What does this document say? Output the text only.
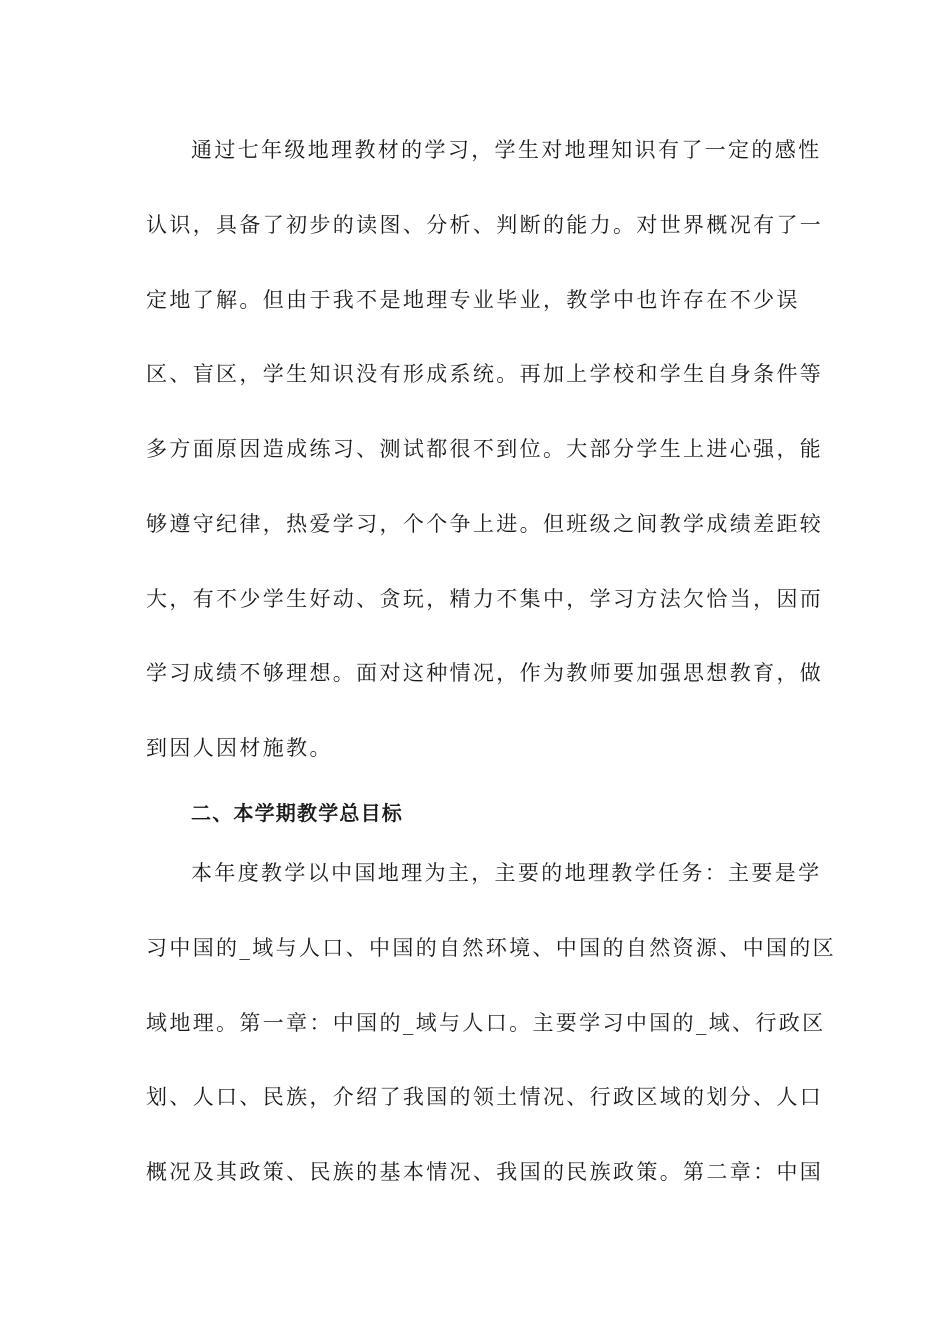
通过七年级地理教材的学习，学生对地理知识有了一定的感性
认识，具备了初步的读图、分析、判断的能力。对世界概况有了一
定地了解。但由于我不是地理专业毕业，教学中也许存在不少误
区、盲区，学生知识没有形成系统。再加上学校和学生自身条件等
多方面原因造成练习、测试都很不到位。大部分学生上进心强，能
够遵守纪律，热爱学习，个个争上进。但班级之间教学成绩差距较
大，有不少学生好动、贪玩，精力不集中，学习方法欠恰当，因而
学习成绩不够理想。面对这种情况，作为教师要加强思想教育，做
到因人因材施教。
二、本学期教学总目标
本年度教学以中国地理为主，主要的地理教学任务：主要是学
习中国的_域与人口、中国的自然环境、中国的自然资源、中国的区
域地理。第一章：中国的_域与人口。主要学习中国的_域、行政区
划、人口、民族，介绍了我国的领土情况、行政区域的划分、人口
概况及其政策、民族的基本情况、我国的民族政策。第二章：中国
